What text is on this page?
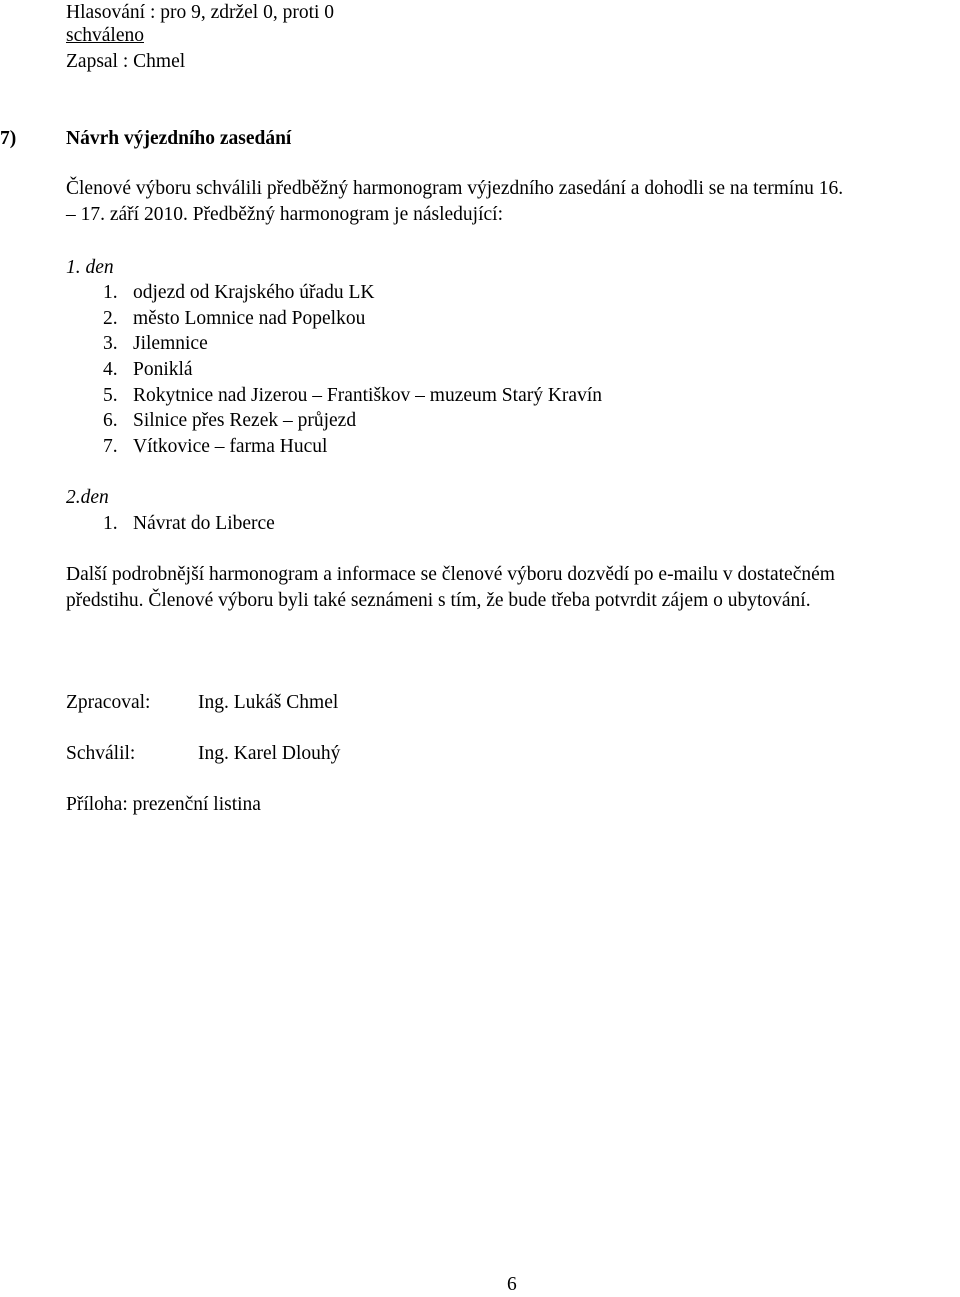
Hlasování : pro 9, zdržel 0, proti 0
schváleno
Zapsal : Chmel
7)	Návrh výjezdního zasedání
Členové výboru schválili předběžný harmonogram výjezdního zasedání a dohodli se na termínu 16.
– 17. září 2010. Předběžný harmonogram je následující:
1. den
1. odjezd od Krajského úřadu LK
2. město Lomnice nad Popelkou
3. Jilemnice
4. Poniklá
5. Rokytnice nad Jizerou – Františkov – muzeum Starý Kravín
6. Silnice přes Rezek – průjezd
7. Vítkovice – farma Hucul
2.den
1. Návrat do Liberce
Další podrobnější harmonogram a informace se členové výboru dozvědí po e-mailu v dostatečném
předstihu. Členové výboru byli také seznámeni s tím, že bude třeba potvrdit zájem o ubytování.
Zpracoval: Ing. Lukáš Chmel
Schválil:	Ing. Karel Dlouhý
Příloha: prezenční listina
6
